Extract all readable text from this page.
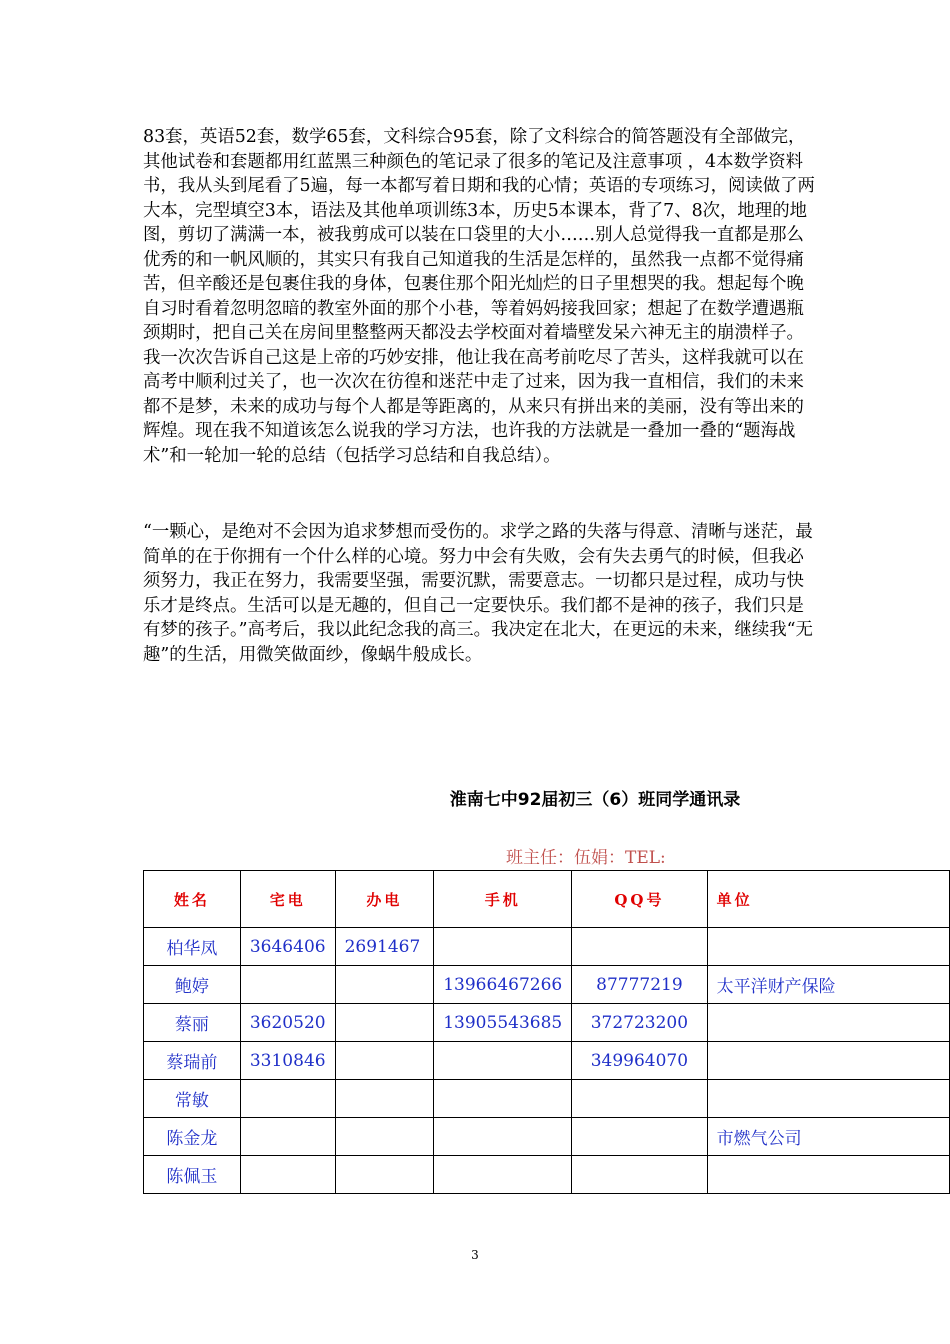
83套，英语52套，数学65套，文科综合95套，除了文科综合的简答题没有全部做完，其他试卷和套题都用红蓝黑三种颜色的笔记录了很多的笔记及注意事项 ，4本数学资料书，我从头到尾看了5遍，每一本都写着日期和我的心情；英语的专项练习，阅读做了两大本，完型填空3本，语法及其他单项训练3本，历史5本课本，背了7、8次，地理的地图，剪切了满满一本，被我剪成可以装在口袋里的大小……别人总觉得我一直都是那么优秀的和一帆风顺的，其实只有我自己知道我的生活是怎样的，虽然我一点都不觉得痛苦，但辛酸还是包裹住我的身体，包裹住那个阳光灿烂的日子里想哭的我。想起每个晚自习时看着忽明忽暗的教室外面的那个小巷，等着妈妈接我回家；想起了在数学遭遇瓶颈期时，把自己关在房间里整整两天都没去学校面对着墙壁发呆六神无主的崩溃样子。我一次次告诉自己这是上帝的巧妙安排，他让我在高考前吃尽了苦头，这样我就可以在高考中顺利过关了，也一次次在彷徨和迷茫中走了过来，因为我一直相信，我们的未来都不是梦，未来的成功与每个人都是等距离的，从来只有拼出来的美丽，没有等出来的辉煌。现在我不知道该怎么说我的学习方法，也许我的方法就是一叠加一叠的“题海战术”和一轮加一轮的总结（包括学习总结和自我总结）。

“一颗心，是绝对不会因为追求梦想而受伤的。求学之路的失落与得意、清晰与迷茫，最简单的在于你拥有一个什么样的心境。努力中会有失败，会有失去勇气的时候，但我必须努力，我正在努力，我需要坚强，需要沉默，需要意志。一切都只是过程，成功与快乐才是终点。生活可以是无趣的，但自己一定要快乐。我们都不是神的孩子，我们只是有梦的孩子。”高考后，我以此纪念我的高三。我决定在北大，在更远的未来，继续我“无趣”的生活，用微笑做面纱，像蜗牛般成长。

淮南七中92届初三（6）班同学通讯录

班主任：伍娟：TEL:

姓名	宅电	办电	手机	QQ号	单位
柏华凤	3646406	2691467			
鲍婷			13966467266	87777219	太平洋财产保险
蔡丽	3620520		13905543685	372723200	
蔡瑞前	3310846			349964070	
常敏					
陈金龙					市燃气公司
陈佩玉					

3
